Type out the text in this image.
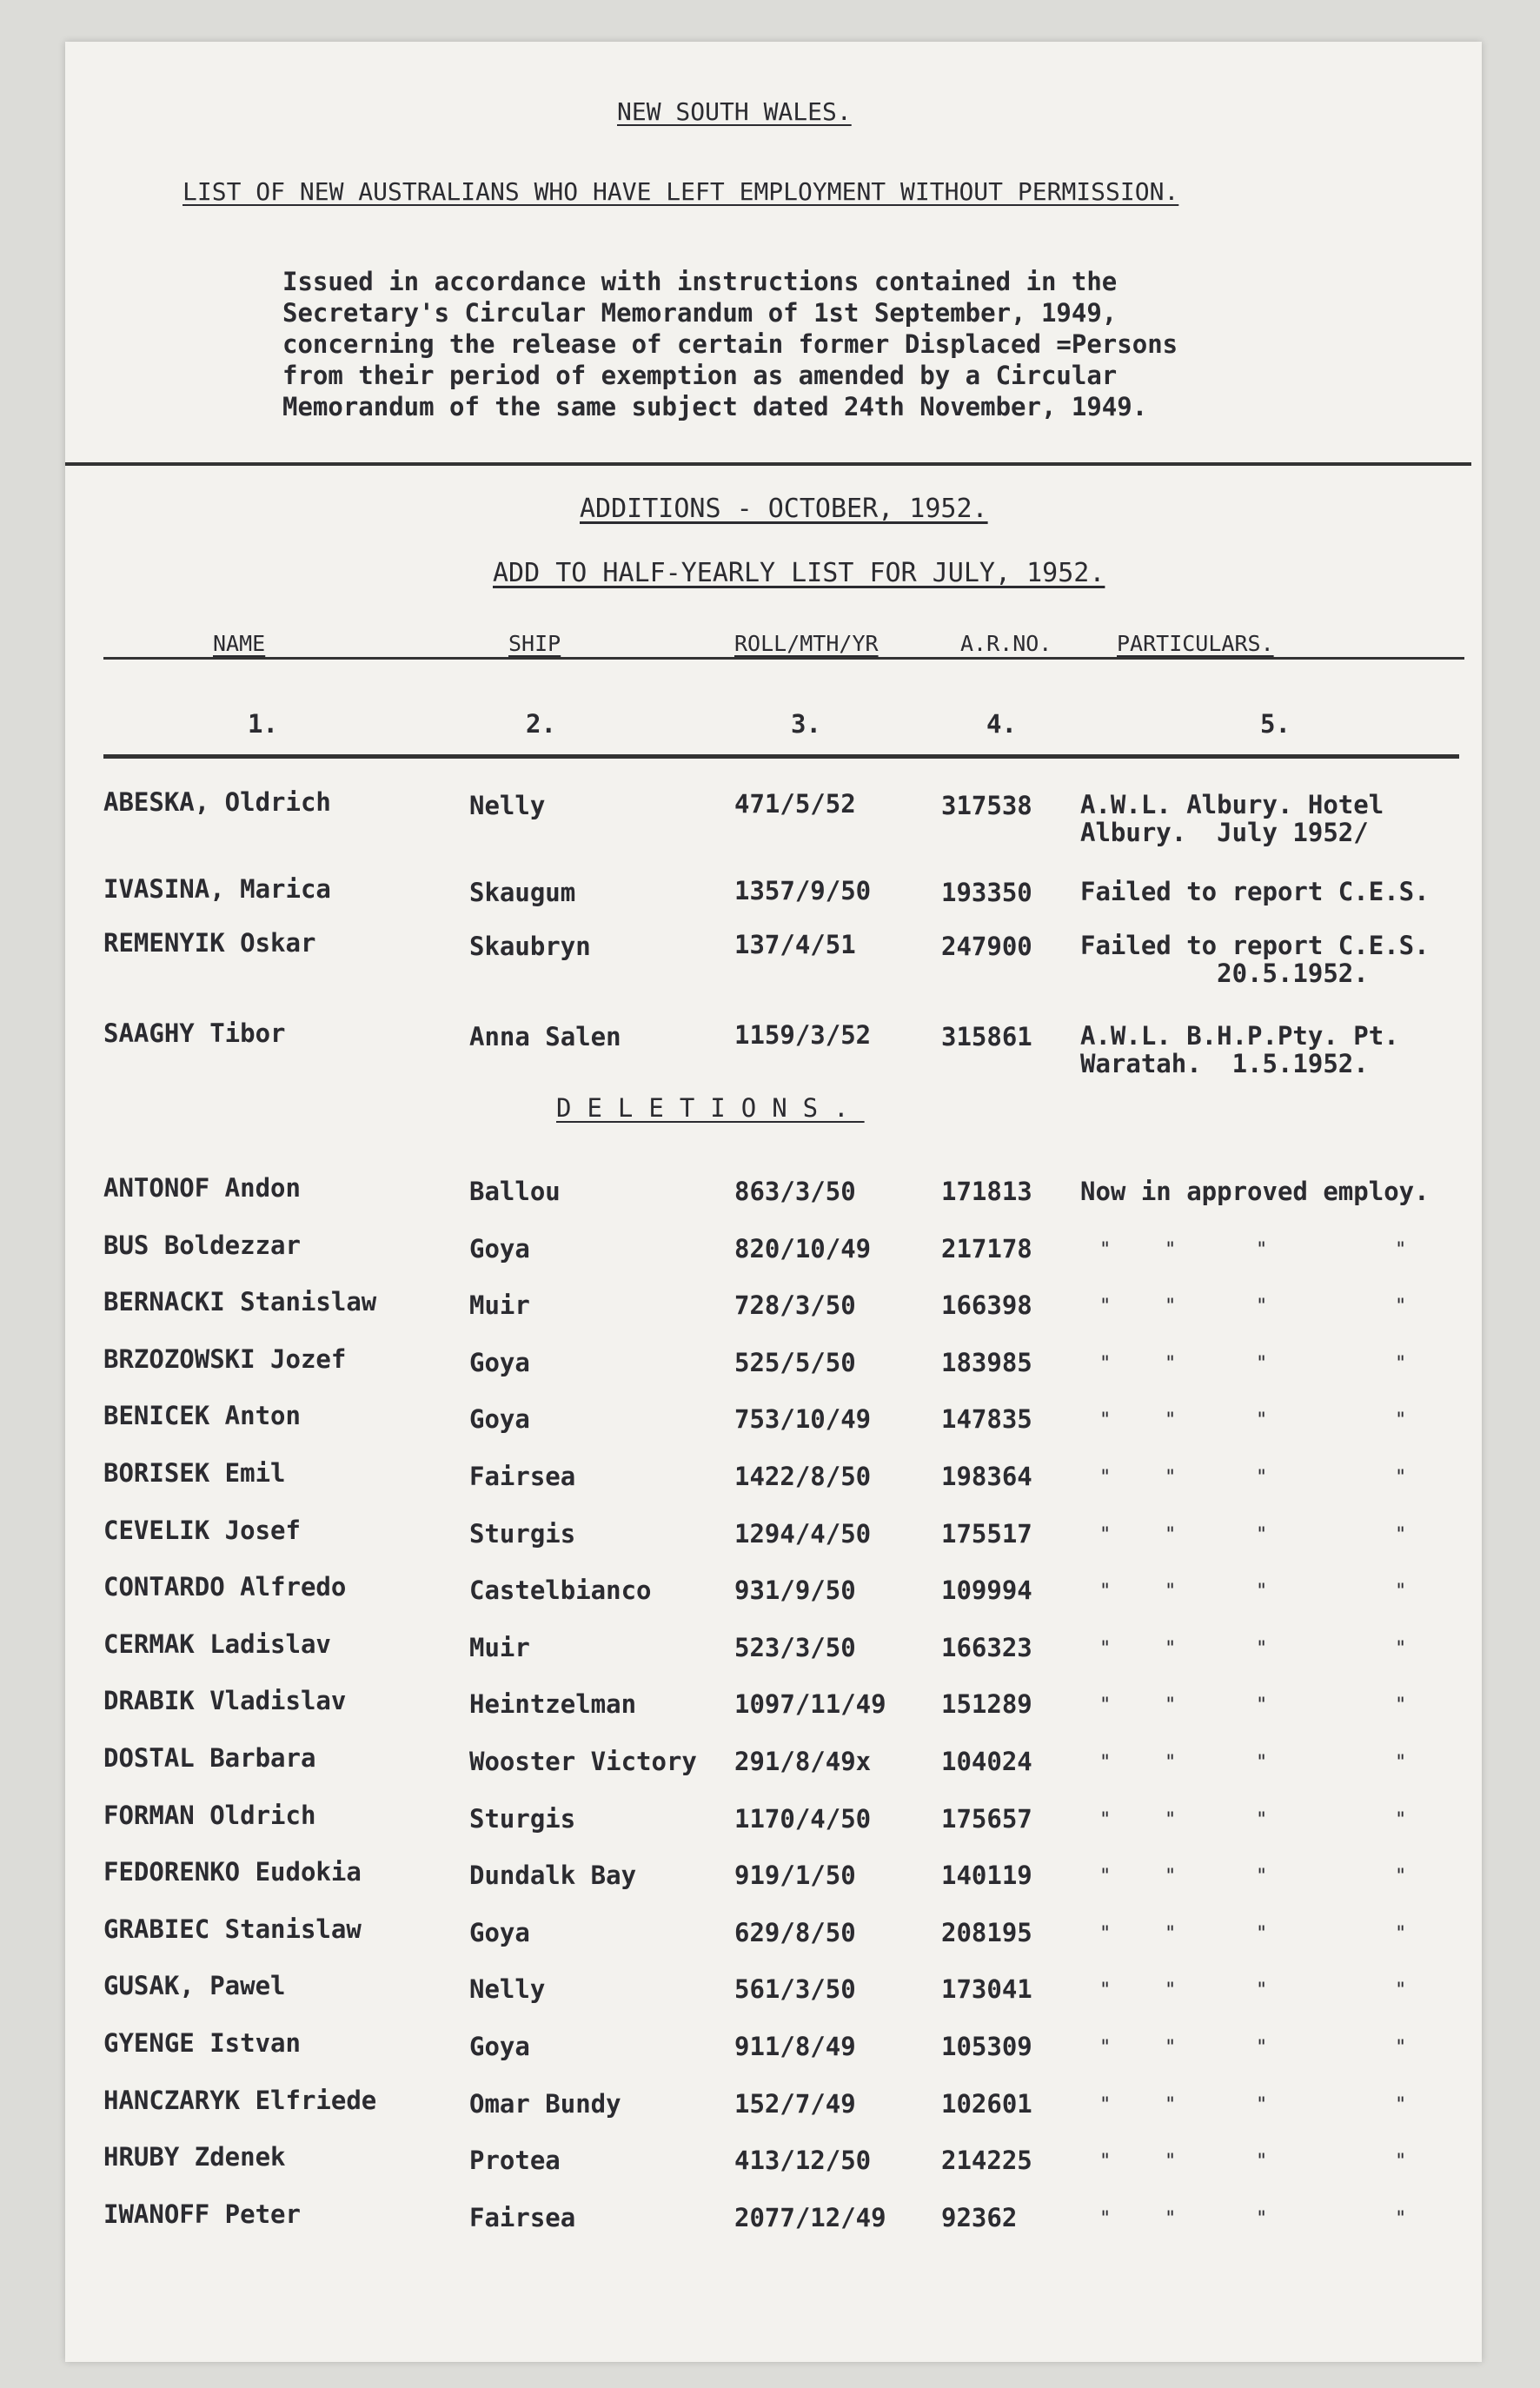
NEW SOUTH WALES.
LIST OF NEW AUSTRALIANS WHO HAVE LEFT EMPLOYMENT WITHOUT PERMISSION.
Issued in accordance with instructions contained in the
Secretary's Circular Memorandum of 1st September, 1949,
concerning the release of certain former Displaced =Persons
from their period of exemption as amended by a Circular
Memorandum of the same subject dated 24th November, 1949.
ADDITIONS - OCTOBER, 1952.
ADD TO HALF-YEARLY LIST FOR JULY, 1952.
NAME	SHIP	ROLL/MTH/YR	A.R.NO.	PARTICULARS.
1.	2.	3.	4.	5.
ABESKA, Oldrich	Nelly	471/5/52	317538 A.W.L. Albury. Hotel
Albury.  July 1952/
IVASINA, Marica	Skaugum	1357/9/50	193350 Failed to report C.E.S.
REMENYIK Oskar	Skaubryn	137/4/51	247900 Failed to report C.E.S.
20.5.1952.
SAAGHY Tibor	Anna Salen	1159/3/52	315861 A.W.L. B.H.P.Pty. Pt.
Waratah.  1.5.1952.
DELETIONS.
ANTONOF Andon	Ballou	863/3/50	171813 Now in approved employ.
BUS Boldezzar	Goya	820/10/49	217178	"	"	"	"
BERNACKI Stanislaw	Muir	728/3/50	166398	"	"	"	"
BRZOZOWSKI Jozef	Goya	525/5/50	183985	"	"	"	"
BENICEK Anton	Goya	753/10/49	147835	"	"	"	"
BORISEK Emil	Fairsea	1422/8/50	198364	"	"	"	"
CEVELIK Josef	Sturgis	1294/4/50	175517	"	"	"	"
CONTARDO Alfredo	Castelbianco	931/9/50	109994	"	"	"	"
CERMAK Ladislav	Muir	523/3/50	166323	"	"	"	"
DRABIK Vladislav	Heintzelman	1097/11/49 151289	"	"	"	"
DOSTAL Barbara	Wooster Victory 291/8/49x	104024	"	"	"	"
FORMAN Oldrich	Sturgis	1170/4/50	175657	"	"	"	"
FEDORENKO Eudokia	Dundalk Bay	919/1/50	140119	"	"	"	"
GRABIEC Stanislaw	Goya	629/8/50	208195	"	"	"	"
GUSAK, Pawel	Nelly	561/3/50	173041	"	"	"	"
GYENGE Istvan	Goya	911/8/49	105309	"	"	"	"
HANCZARYK Elfriede	Omar Bundy	152/7/49	102601	"	"	"	"
HRUBY Zdenek	Protea	413/12/50	214225	"	"	"	"
IWANOFF Peter	Fairsea	2077/12/49 92362	"	"	"	"
